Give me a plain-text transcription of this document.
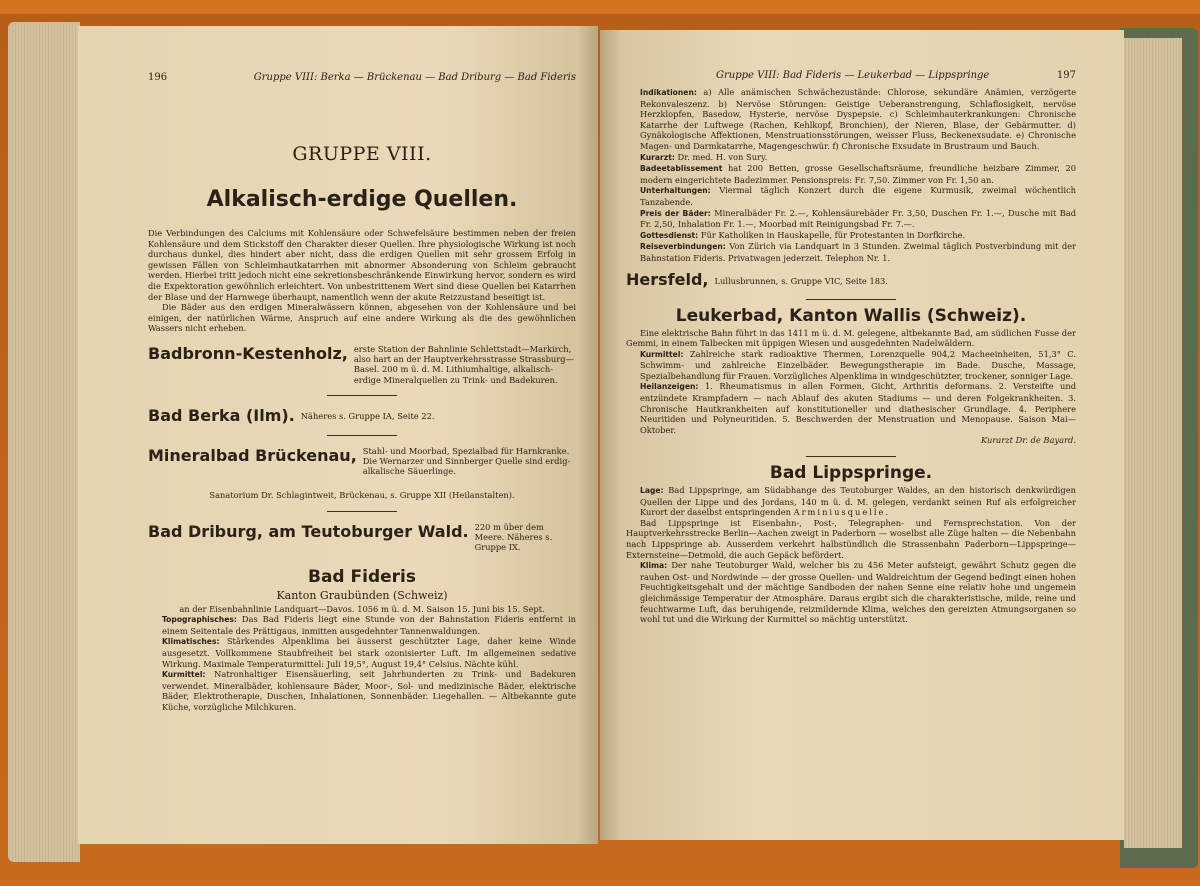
196	Gruppe VIII: Berka — Brückenau — Bad Driburg — Bad Fideris
GRUPPE VIII.
Alkalisch-erdige Quellen.

Die Verbindungen des Calciums mit Kohlensäure oder Schwefelsäure bestimmen neben der freien Kohlensäure und dem Stickstoff den Charakter dieser Quellen. Ihre physiologische Wirkung ist noch durchaus dunkel, dies hindert aber nicht, dass die erdigen Quellen mit sehr grossem Erfolg in gewissen Fällen von Schleimhautkatarrhen mit abnormer Absonderung von Schleim gebraucht werden. Hierbei tritt jedoch nicht eine sekretionsbeschränkende Einwirkung hervor, sondern es wird die Expektoration gewöhnlich erleichtert. Von unbestrittenem Wert sind diese Quellen bei Katarrhen der Blase und der Harnwege überhaupt, namentlich wenn der akute Reizzustand beseitigt ist.

Die Bäder aus den erdigen Mineralwässern können, abgesehen von der Kohlensäure und bei einigen, der natürlichen Wärme, Anspruch auf eine andere Wirkung als die des gewöhnlichen Wassers nicht erheben.

Badbronn-Kestenholz, erste Station der Bahnlinie Schlettstadt—Markirch, also hart an der Hauptverkehrsstrasse Strassburg—Basel. 200 m ü. d. M. Lithiumhaltige, alkalisch-erdige Mineralquellen zu Trink- und Badekuren.
Bad Berka (Ilm). Näheres s. Gruppe IA, Seite 22.
Mineralbad Brückenau, Stahl- und Moorbad, Spezialbad für Harnkranke. Die Wernarzer und Sinnberger Quelle sind erdig-alkalische Säuerlinge.

Sanatorium Dr. Schlagintweit, Brückenau, s. Gruppe XII (Heilanstalten).

Bad Driburg, am Teutoburger Wald. 220 m über dem Meere. Näheres s. Gruppe IX.
Bad Fideris
Kanton Graubünden (Schweiz)

an der Eisenbahnlinie Landquart—Davos. 1056 m ü. d. M. Saison 15. Juni bis 15. Sept.

Topographisches: Das Bad Fideris liegt eine Stunde von der Bahnstation Fideris entfernt in einem Seitentale des Prättigaus, inmitten ausgedehnter Tannenwaldungen.

Klimatisches: Stärkendes Alpenklima bei äusserst geschützter Lage, daher keine Winde ausgesetzt. Vollkommene Staubfreiheit bei stark ozonisierter Luft. Im allgemeinen sedative Wirkung. Maximale Temperaturmittel: Juli 19,5°, August 19,4° Celsius. Nächte kühl.

Kurmittel: Natronhaltiger Eisensäuerling, seit Jahrhunderten zu Trink- und Badekuren verwendet. Mineralbäder, kohlensaure Bäder, Moor-, Sol- und medizinische Bäder, elektrische Bäder, Elektrotherapie, Duschen, Inhalationen, Sonnenbäder. Liegehallen. — Altbekannte gute Küche, vorzügliche Milchkuren.

Gruppe VIII: Bad Fideris — Leukerbad — Lippspringe	197

Indikationen: a) Alle anämischen Schwächezustände: Chlorose, sekundäre Anämien, verzögerte Rekonvaleszenz. b) Nervöse Störungen: Geistige Ueberanstrengung, Schlaflosigkeit, nervöse Herzklopfen, Basedow, Hysterie, nervöse Dyspepsie. c) Schleimhauterkrankungen: Chronische Katarrhe der Luftwege (Rachen, Kehlkopf, Bronchien), der Nieren, Blase, der Gebärmutter. d) Gynäkologische Affektionen, Menstruationsstörungen, weisser Fluss, Beckenexsudate. e) Chronische Magen- und Darmkatarrhe, Magengeschwür. f) Chronische Exsudate in Brustraum und Bauch.

Kurarzt: Dr. med. H. von Sury.

Badeetablissement hat 200 Betten, grosse Gesellschaftsräume, freundliche heizbare Zimmer, 20 modern eingerichtete Badezimmer. Pensionspreis: Fr. 7,50. Zimmer von Fr. 1,50 an.

Unterhaltungen: Viermal täglich Konzert durch die eigene Kurmusik, zweimal wöchentlich Tanzabende.

Preis der Bäder: Mineralbäder Fr. 2.—, Kohlensäurebäder Fr. 3,50, Duschen Fr. 1.—, Dusche mit Bad Fr. 2,50, Inhalation Fr. 1.—, Moorbad mit Reinigungsbad Fr. 7.—.

Gottesdienst: Für Katholiken in Hauskapelle, für Protestanten in Dorfkirche.

Reiseverbindungen: Von Zürich via Landquart in 3 Stunden. Zweimal täglich Postverbindung mit der Bahnstation Fideris. Privatwagen jederzeit. Telephon Nr. 1.

Hersfeld, Lullusbrunnen, s. Gruppe VIC, Seite 183.
Leukerbad, Kanton Wallis (Schweiz).

Eine elektrische Bahn führt in das 1411 m ü. d. M. gelegene, altbekannte Bad, am südlichen Fusse der Gemmi, in einem Talbecken mit üppigen Wiesen und ausgedehnten Nadelwäldern.

Kurmittel: Zahlreiche stark radioaktive Thermen, Lorenzquelle 904,2 Macheeinheiten, 51,3° C. Schwimm- und zahlreiche Einzelbäder. Bewegungstherapie im Bade. Dusche, Massage, Spezialbehandlung für Frauen. Vorzügliches Alpenklima in windgeschützter, trockener, sonniger Lage.

Heilanzeigen: 1. Rheumatismus in allen Formen, Gicht, Arthritis deformans. 2. Versteifte und entzündete Krampfadern — nach Ablauf des akuten Stadiums — und deren Folgekrankheiten. 3. Chronische Hautkrankheiten auf konstitutioneller und diathesischer Grundlage. 4. Periphere Neuritiden und Polyneuritiden. 5. Beschwerden der Menstruation und Menopause. Saison Mai—Oktober.

Kurarzt Dr. de Bayard.

Bad Lippspringe.

Lage: Bad Lippspringe, am Südabhange des Teutoburger Waldes, an den historisch denkwürdigen Quellen der Lippe und des Jordans, 140 m ü. d. M. gelegen, verdankt seinen Ruf als erfolgreicher Kurort der daselbst entspringenden Arminiusquelle.

Bad Lippspringe ist Eisenbahn-, Post-, Telegraphen- und Fernsprechstation. Von der Hauptverkehrsstrecke Berlin—Aachen zweigt in Paderborn — woselbst alle Züge halten — die Nebenbahn nach Lippspringe ab. Ausserdem verkehrt halbstündlich die Strassenbahn Paderborn—Lippspringe—Externsteine—Detmold, die auch Gepäck befördert.

Klima: Der nahe Teutoburger Wald, welcher bis zu 456 Meter aufsteigt, gewährt Schutz gegen die rauhen Ost- und Nordwinde — der grosse Quellen- und Waldreichtum der Gegend bedingt einen hohen Feuchtigkeitsgehalt und der mächtige Sandboden der nahen Senne eine relativ hohe und ungemein gleichmässige Temperatur der Atmosphäre. Daraus ergibt sich die charakteristische, milde, reine und feuchtwarme Luft, das beruhigende, reizmildernde Klima, welches den gereizten Atmungsorganen so wohl tut und die Wirkung der Kurmittel so mächtig unterstützt.
